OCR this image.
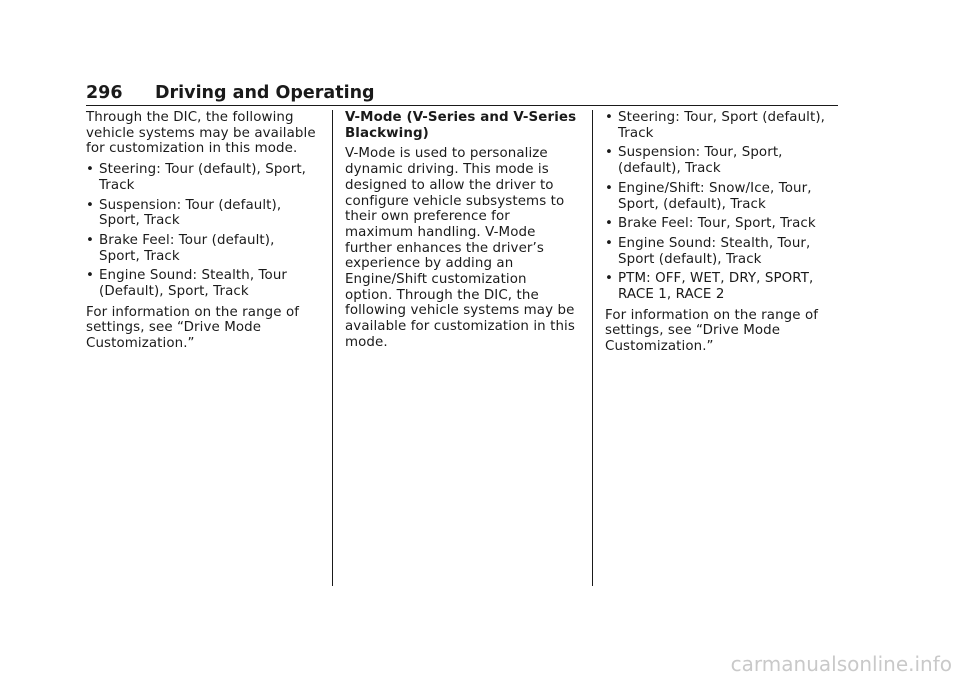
296 Driving and Operating

Through the DIC, the following vehicle systems may be available for customization in this mode.

• Steering: Tour (default), Sport, Track
• Suspension: Tour (default), Sport, Track
• Brake Feel: Tour (default), Sport, Track
• Engine Sound: Stealth, Tour (Default), Sport, Track

For information on the range of settings, see “Drive Mode Customization.”

V-Mode (V-Series and V-Series Blackwing)

V-Mode is used to personalize dynamic driving. This mode is designed to allow the driver to configure vehicle subsystems to their own preference for maximum handling. V-Mode further enhances the driver’s experience by adding an Engine/Shift customization option. Through the DIC, the following vehicle systems may be available for customization in this mode.

• Steering: Tour, Sport (default), Track
• Suspension: Tour, Sport, (default), Track
• Engine/Shift: Snow/Ice, Tour, Sport, (default), Track
• Brake Feel: Tour, Sport, Track
• Engine Sound: Stealth, Tour, Sport (default), Track
• PTM: OFF, WET, DRY, SPORT, RACE 1, RACE 2

For information on the range of settings, see “Drive Mode Customization.”

carmanualsonline.info
